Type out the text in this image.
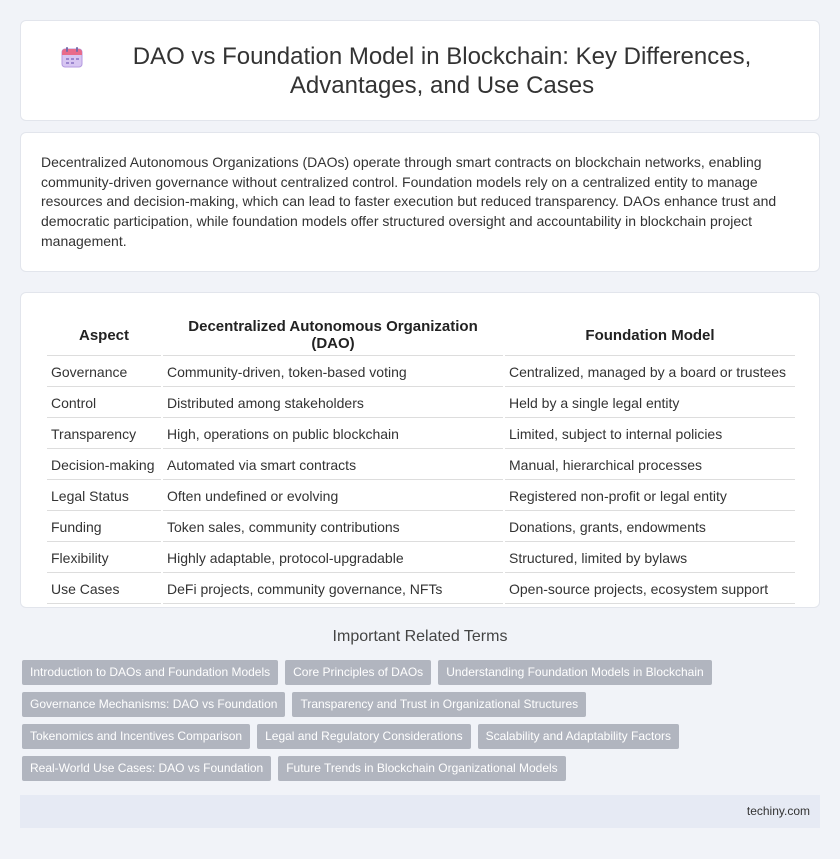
DAO vs Foundation Model in Blockchain: Key Differences, Advantages, and Use Cases

Decentralized Autonomous Organizations (DAOs) operate through smart contracts on blockchain networks, enabling community-driven governance without centralized control. Foundation models rely on a centralized entity to manage resources and decision-making, which can lead to faster execution but reduced transparency. DAOs enhance trust and democratic participation, while foundation models offer structured oversight and accountability in blockchain project management.

Aspect	Decentralized Autonomous Organization (DAO)	Foundation Model
Governance	Community-driven, token-based voting	Centralized, managed by a board or trustees
Control	Distributed among stakeholders	Held by a single legal entity
Transparency	High, operations on public blockchain	Limited, subject to internal policies
Decision-making	Automated via smart contracts	Manual, hierarchical processes
Legal Status	Often undefined or evolving	Registered non-profit or legal entity
Funding	Token sales, community contributions	Donations, grants, endowments
Flexibility	Highly adaptable, protocol-upgradable	Structured, limited by bylaws
Use Cases	DeFi projects, community governance, NFTs	Open-source projects, ecosystem support
Important Related Terms
Introduction to DAOs and Foundation Models	Core Principles of DAOs	Understanding Foundation Models in Blockchain
Governance Mechanisms: DAO vs Foundation	Transparency and Trust in Organizational Structures
Tokenomics and Incentives Comparison	Legal and Regulatory Considerations	Scalability and Adaptability Factors
Real-World Use Cases: DAO vs Foundation	Future Trends in Blockchain Organizational Models
techiny.com
